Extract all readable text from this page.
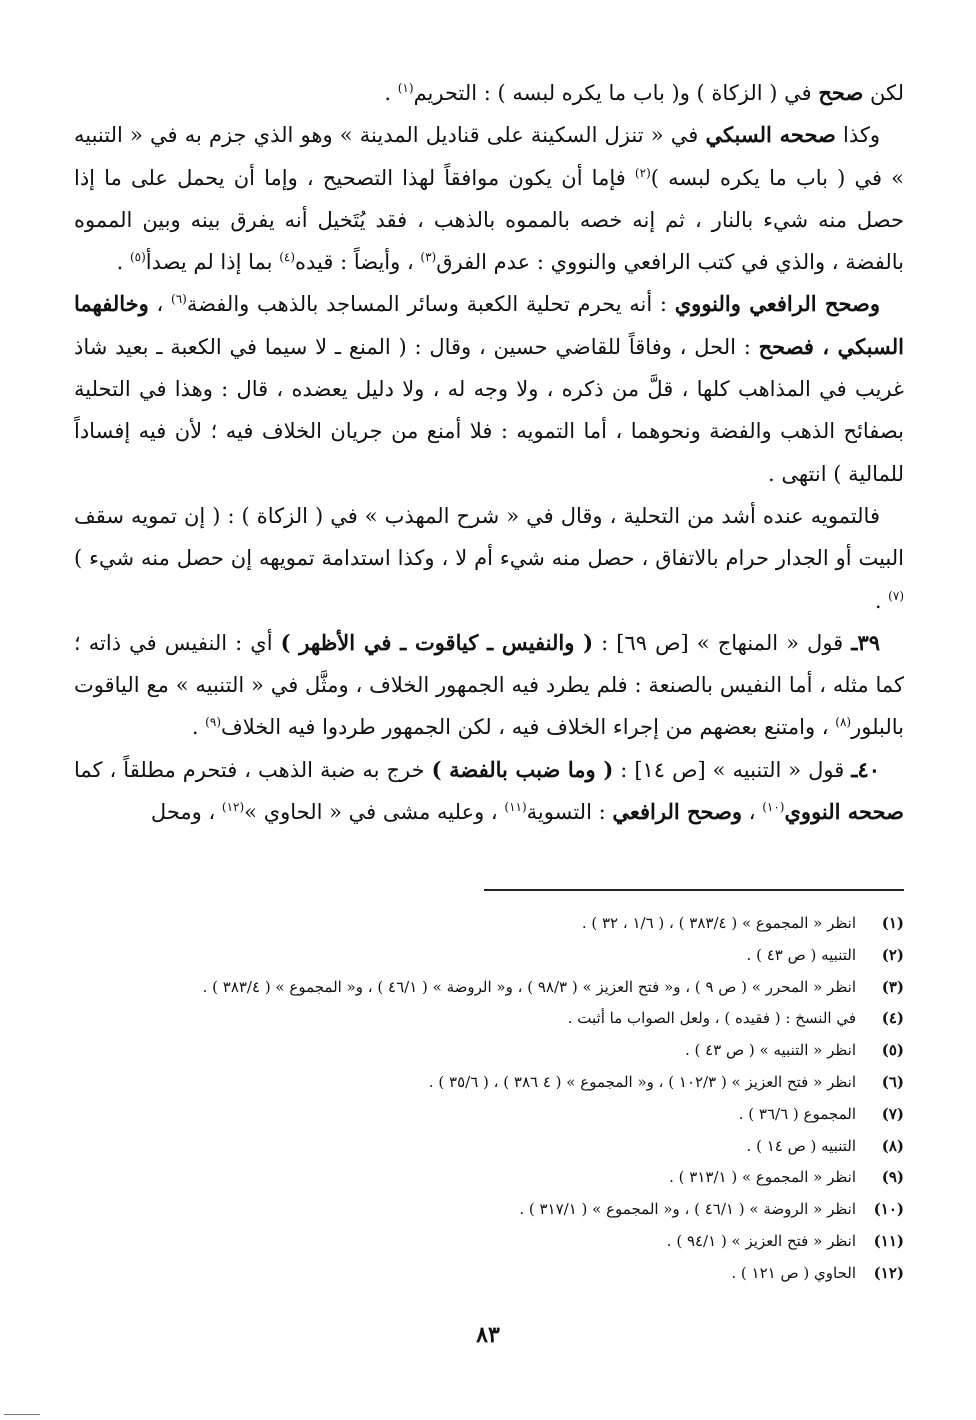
لكن صحح في ( الزكاة ) و( باب ما يكره لبسه ) : التحريم$^{(١)}$ .

وكذا صححه السبكي في « تنزل السكينة على قناديل المدينة » وهو الذي جزم به في « التنبيه » في ( باب ما يكره لبسه )$^{(٢)}$ فإما أن يكون موافقاً لهذا التصحيح ، وإما أن يحمل على ما إذا حصل منه شيء بالنار ، ثم إنه خصه بالمموه بالذهب ، فقد يُتَخيل أنه يفرق بينه وبين المموه بالفضة ، والذي في كتب الرافعي والنووي : عدم الفرق$^{(٣)}$ ، وأيضاً : قيده$^{(٤)}$ بما إذا لم يصدأ$^{(٥)}$ .

وصحح الرافعي والنووي : أنه يحرم تحلية الكعبة وسائر المساجد بالذهب والفضة$^{(٦)}$ ، وخالفهما السبكي ، فصحح : الحل ، وفاقاً للقاضي حسين ، وقال : ( المنع ـ لا سيما في الكعبة ـ بعيد شاذ غريب في المذاهب كلها ، قلَّ من ذكره ، ولا وجه له ، ولا دليل يعضده ، قال : وهذا في التحلية بصفائح الذهب والفضة ونحوهما ، أما التمويه : فلا أمنع من جريان الخلاف فيه ؛ لأن فيه إفساداً للمالية ) انتهى .

فالتمويه عنده أشد من التحلية ، وقال في « شرح المهذب » في ( الزكاة ) : ( إن تمويه سقف البيت أو الجدار حرام بالاتفاق ، حصل منه شيء أم لا ، وكذا استدامة تمويهه إن حصل منه شيء )$^{(٧)}$ .

٣٩ـ قول « المنهاج » [ص ٦٩] : ( والنفيس ـ كياقوت ـ في الأظهر ) أي : النفيس في ذاته ؛ كما مثله ، أما النفيس بالصنعة : فلم يطرد فيه الجمهور الخلاف ، ومثَّل في « التنبيه » مع الياقوت بالبلور$^{(٨)}$ ، وامتنع بعضهم من إجراء الخلاف فيه ، لكن الجمهور طردوا فيه الخلاف$^{(٩)}$ .

٤٠ـ قول « التنبيه » [ص ١٤] : ( وما ضبب بالفضة ) خرج به ضبة الذهب ، فتحرم مطلقاً ، كما صححه النووي$^{(١٠)}$ ، وصحح الرافعي : التسوية$^{(١١)}$ ، وعليه مشى في « الحاوي »$^{(١٢)}$ ، ومحل

(١)
انظر « المجموع » ( ٣٨٣/٤ ) ، ( ١/٦ ، ٣٢ ) .
(٢)
التنبيه ( ص ٤٣ ) .
(٣)
انظر « المحرر » ( ص ٩ ) ، و« فتح العزيز » ( ٩٨/٣ ) ، و« الروضة » ( ٤٦/١ ) ، و« المجموع » ( ٣٨٣/٤ ) .
(٤)
في النسخ : ( فقيده ) ، ولعل الصواب ما أثبت .
(٥)
انظر « التنبيه » ( ص ٤٣ ) .
(٦)
انظر « فتح العزيز » ( ١٠٢/٣ ) ، و« المجموع » ( ٤ ٣٨٦ ) ، ( ٣٥/٦ ) .
(٧)
المجموع ( ٣٦/٦ ) .
(٨)
التنبيه ( ص ١٤ ) .
(٩)
انظر « المجموع » ( ٣١٣/١ ) .
(١٠)
انظر « الروضة » ( ٤٦/١ ) ، و« المجموع » ( ٣١٧/١ ) .
(١١)
انظر « فتح العزيز » ( ٩٤/١ ) .
(١٢)
الحاوي ( ص ١٢١ ) .
٨٣
